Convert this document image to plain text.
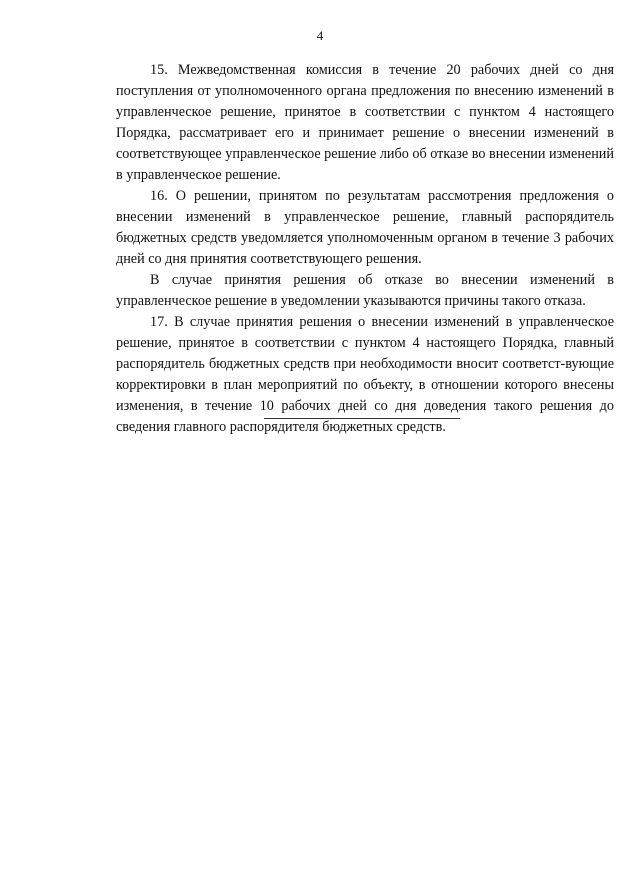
4

15. Межведомственная комиссия в течение 20 рабочих дней со дня поступления от уполномоченного органа предложения по внесению изменений в управленческое решение, принятое в соответствии с пунктом 4 настоящего Порядка, рассматривает его и принимает решение о внесении изменений в соответствующее управленческое решение либо об отказе во внесении изменений в управленческое решение.

16. О решении, принятом по результатам рассмотрения предложения о внесении изменений в управленческое решение, главный распорядитель бюджетных средств уведомляется уполномоченным органом в течение 3 рабочих дней со дня принятия соответствующего решения.

В случае принятия решения об отказе во внесении изменений в управленческое решение в уведомлении указываются причины такого отказа.

17. В случае принятия решения о внесении изменений в управленческое решение, принятое в соответствии с пунктом 4 настоящего Порядка, главный распорядитель бюджетных средств при необходимости вносит соответст-вующие корректировки в план мероприятий по объекту, в отношении которого внесены изменения, в течение 10 рабочих дней со дня доведения такого решения до сведения главного распорядителя бюджетных средств.
